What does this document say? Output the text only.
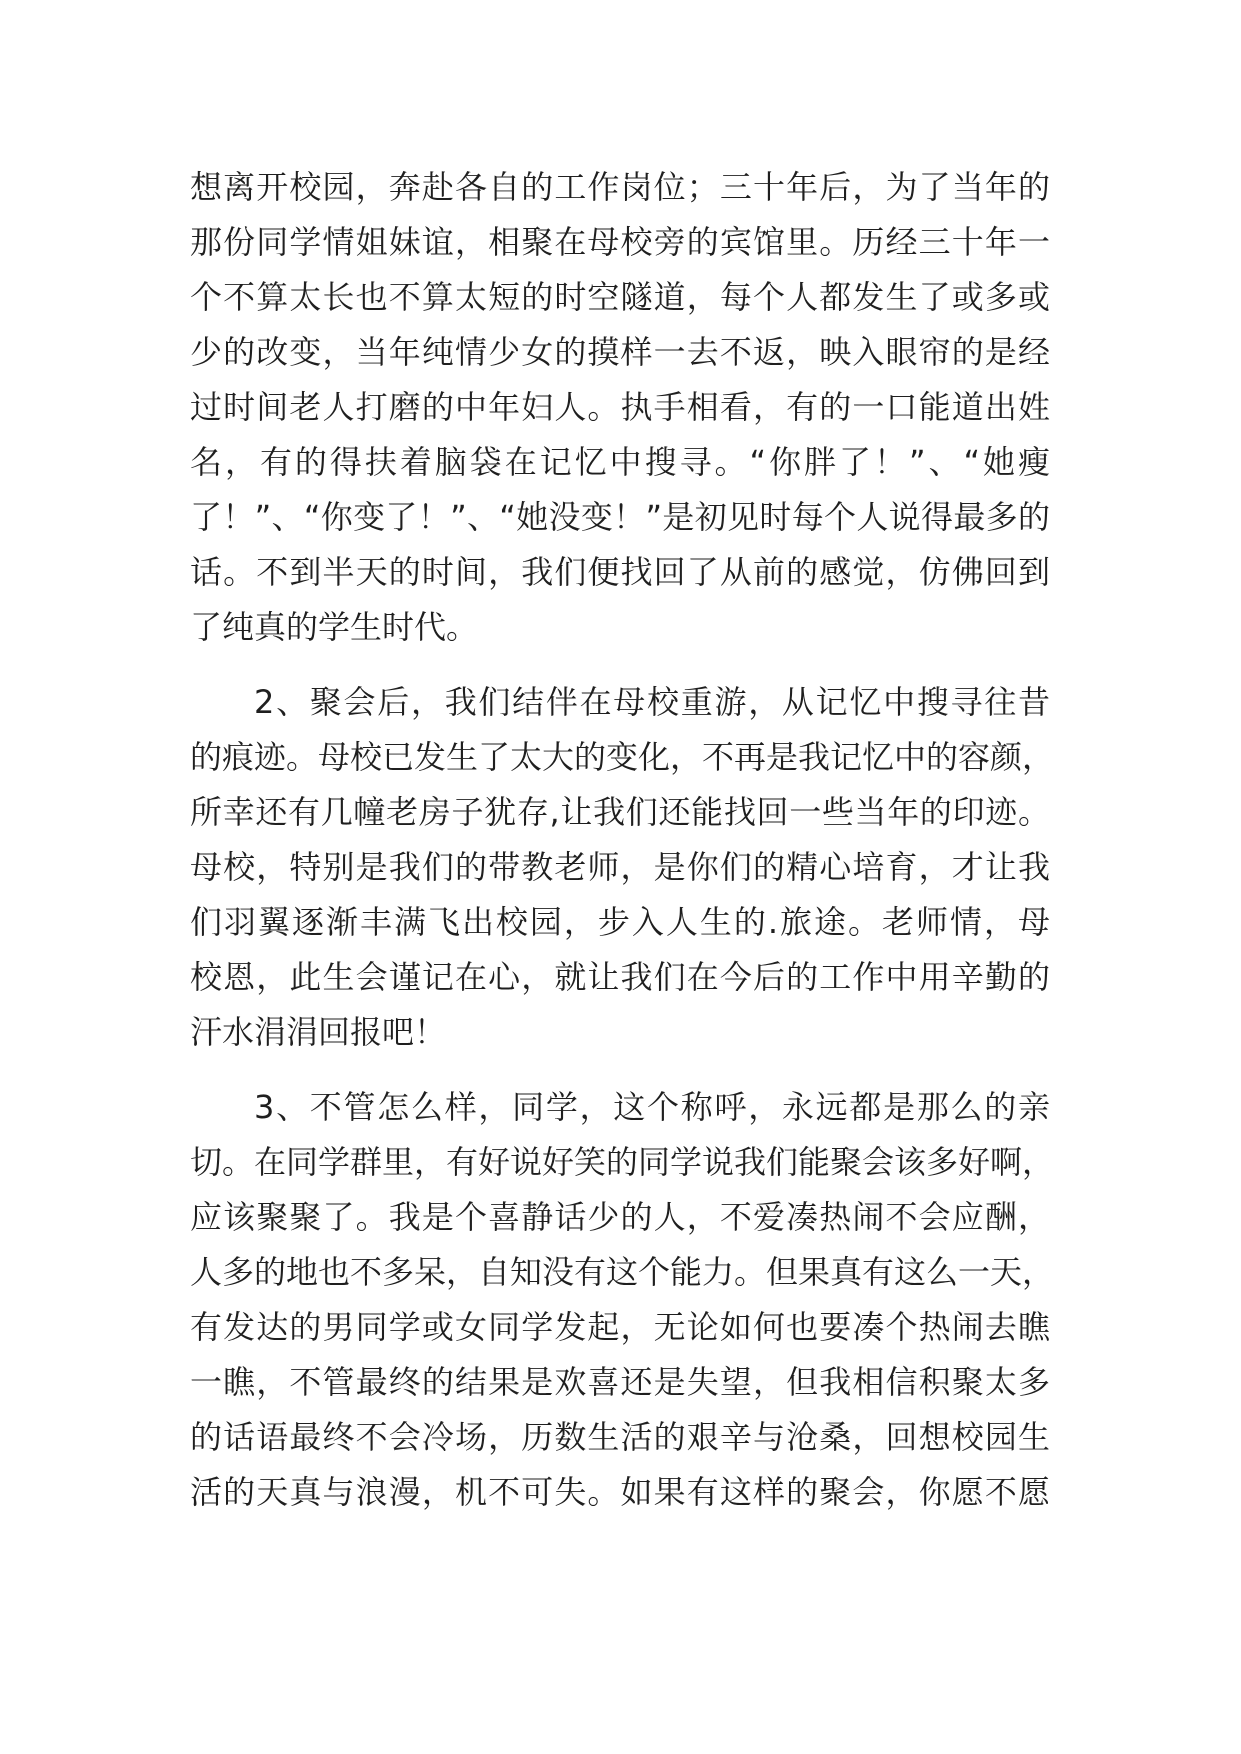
想离开校园，奔赴各自的工作岗位；三十年后，为了当年的
那份同学情姐妹谊，相聚在母校旁的宾馆里。历经三十年一
个不算太长也不算太短的时空隧道，每个人都发生了或多或
少的改变，当年纯情少女的摸样一去不返，映入眼帘的是经
过时间老人打磨的中年妇人。执手相看，有的一口能道出姓
名，有的得扶着脑袋在记忆中搜寻。“你胖了！”、“她瘦
了！”、“你变了！”、“她没变！”是初见时每个人说得最多的
话。不到半天的时间，我们便找回了从前的感觉，仿佛回到
了纯真的学生时代。
2、聚会后，我们结伴在母校重游，从记忆中搜寻往昔
的痕迹。母校已发生了太大的变化，不再是我记忆中的容颜，
所幸还有几幢老房子犹存,让我们还能找回一些当年的印迹。
母校，特别是我们的带教老师，是你们的精心培育，才让我
们羽翼逐渐丰满飞出校园，步入人生的.旅途。老师情，母
校恩，此生会谨记在心，就让我们在今后的工作中用辛勤的
汗水涓涓回报吧！
3、不管怎么样，同学，这个称呼，永远都是那么的亲
切。在同学群里，有好说好笑的同学说我们能聚会该多好啊，
应该聚聚了。我是个喜静话少的人，不爱凑热闹不会应酬，
人多的地也不多呆，自知没有这个能力。但果真有这么一天，
有发达的男同学或女同学发起，无论如何也要凑个热闹去瞧
一瞧，不管最终的结果是欢喜还是失望，但我相信积聚太多
的话语最终不会冷场，历数生活的艰辛与沧桑，回想校园生
活的天真与浪漫，机不可失。如果有这样的聚会，你愿不愿
